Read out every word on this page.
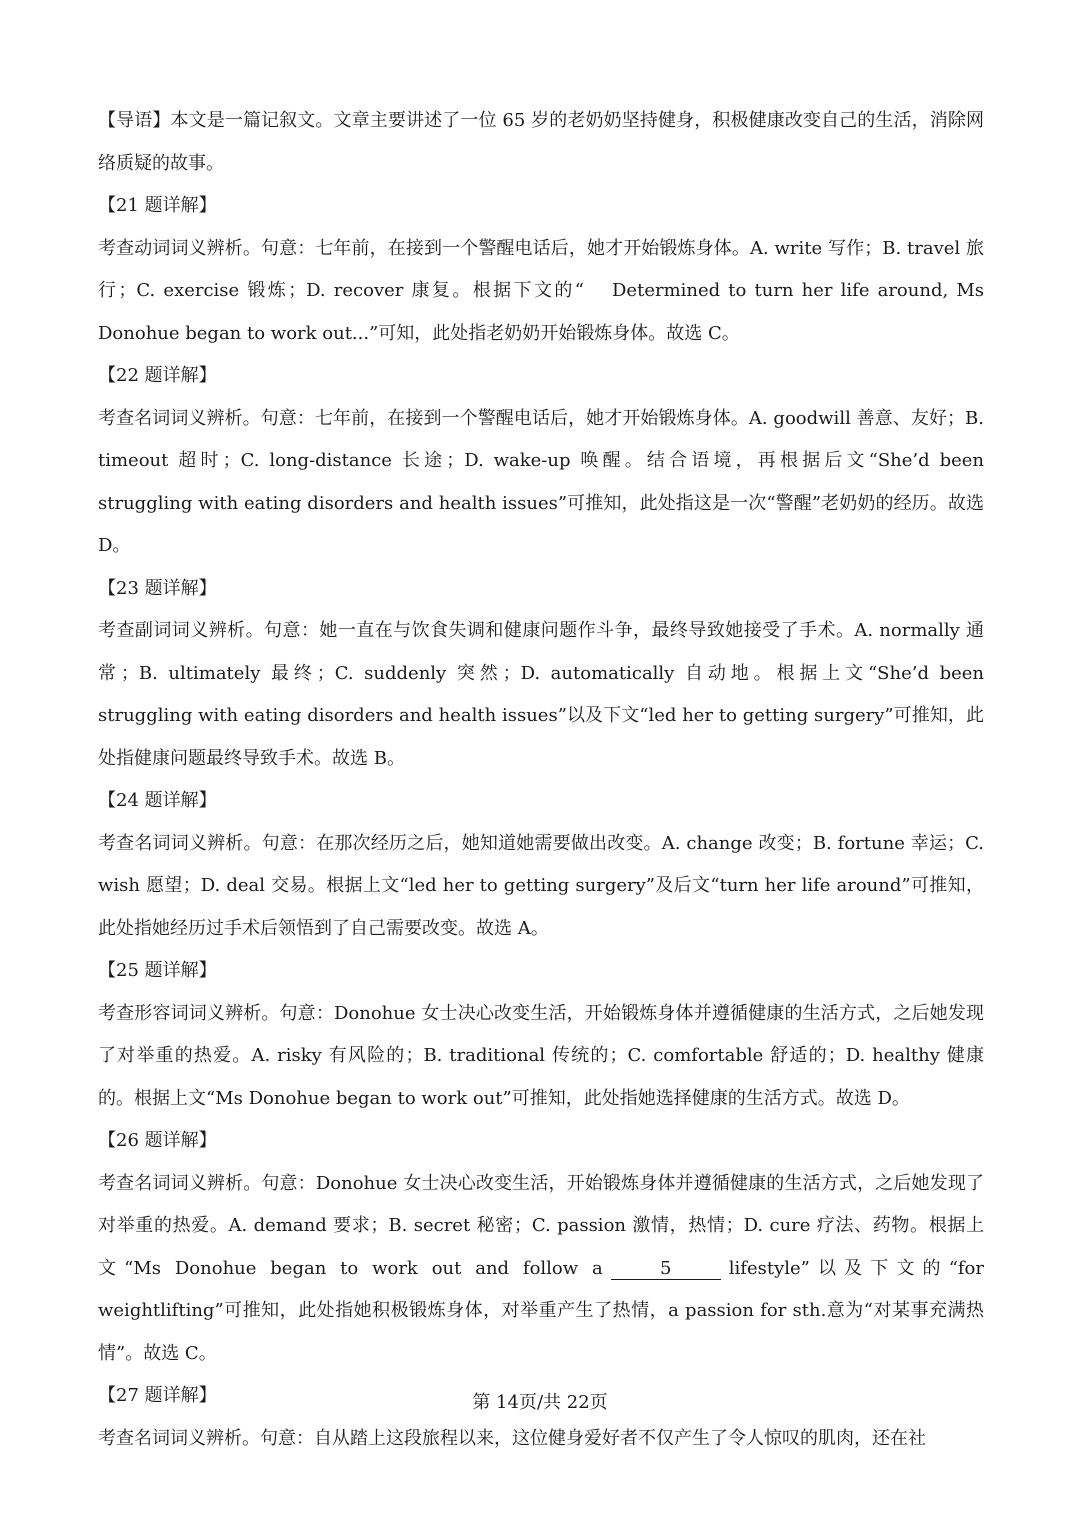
【导语】本文是一篇记叙文。文章主要讲述了一位 65 岁的老奶奶坚持健身，积极健康改变自己的生活，消除网络质疑的故事。
【21 题详解】
考查动词词义辨析。句意：七年前，在接到一个警醒电话后，她才开始锻炼身体。A. write 写作；B. travel 旅行；C. exercise 锻炼；D. recover 康复。根据下文的“ Determined to turn her life around, Ms Donohue began to work out...”可知，此处指老奶奶开始锻炼身体。故选 C。
【22 题详解】
考查名词词义辨析。句意：七年前，在接到一个警醒电话后，她才开始锻炼身体。A. goodwill 善意、友好；B. timeout 超时；C. long-distance 长途；D. wake-up 唤醒。结合语境，再根据后文“She’d been struggling with eating disorders and health issues”可推知，此处指这是一次“警醒”老奶奶的经历。故选 D。
【23 题详解】
考查副词词义辨析。句意：她一直在与饮食失调和健康问题作斗争，最终导致她接受了手术。A. normally 通常；B. ultimately 最终；C. suddenly 突然；D. automatically 自动地。根据上文“She’d been struggling with eating disorders and health issues”以及下文“led her to getting surgery”可推知，此处指健康问题最终导致手术。故选 B。
【24 题详解】
考查名词词义辨析。句意：在那次经历之后，她知道她需要做出改变。A. change 改变；B. fortune 幸运；C. wish 愿望；D. deal 交易。根据上文“led her to getting surgery”及后文“turn her life around”可推知，此处指她经历过手术后领悟到了自己需要改变。故选 A。
【25 题详解】
考查形容词词义辨析。句意：Donohue 女士决心改变生活，开始锻炼身体并遵循健康的生活方式，之后她发现了对举重的热爱。A. risky 有风险的；B. traditional 传统的；C. comfortable 舒适的；D. healthy 健康的。根据上文“Ms Donohue began to work out”可推知，此处指她选择健康的生活方式。故选 D。
【26 题详解】
考查名词词义辨析。句意：Donohue 女士决心改变生活，开始锻炼身体并遵循健康的生活方式，之后她发现了对举重的热爱。A. demand 要求；B. secret 秘密；C. passion 激情，热情；D. cure 疗法、药物。根据上文“Ms Donohue began to work out and follow a	5	lifestyle”以及下文的“for weightlifting”可推知，此处指她积极锻炼身体，对举重产生了热情，a passion for sth.意为“对某事充满热情”。故选 C。
【27 题详解】
考查名词词义辨析。句意：自从踏上这段旅程以来，这位健身爱好者不仅产生了令人惊叹的肌肉，还在社
第 14页/共 22页
